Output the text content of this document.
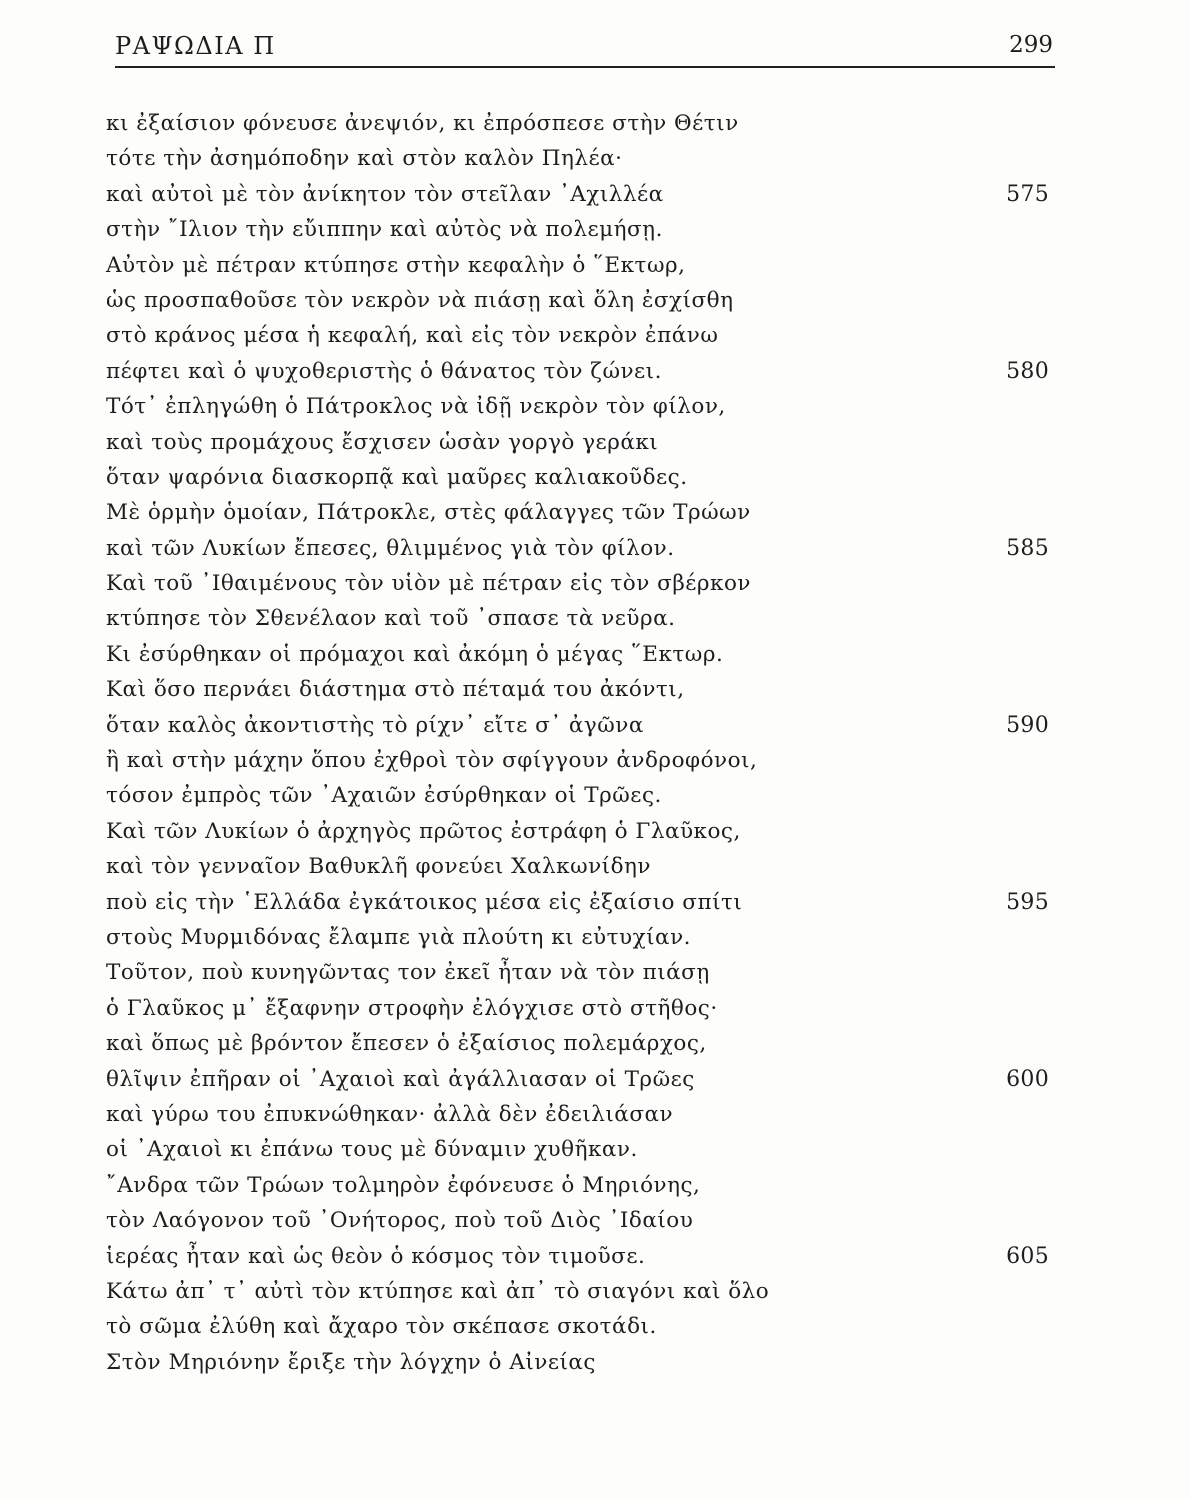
ΡΑΨΩΔΙΑ Π	299
κι ἐξαίσιον φόνευσε ἀνεψιόν, κι ἐπρόσπεσε στὴν Θέτιν
τότε τὴν ἀσημόποδην καὶ στὸν καλὸν Πηλέα·
καὶ αὐτοὶ μὲ τὸν ἀνίκητον τὸν στεῖλαν ᾿Αχιλλέα	575
στὴν ῎Ιλιον τὴν εὔιππην καὶ αὐτὸς νὰ πολεμήσῃ.
Αὐτὸν μὲ πέτραν κτύπησε στὴν κεφαλὴν ὁ ῞Εκτωρ,
ὡς προσπαθοῦσε τὸν νεκρὸν νὰ πιάσῃ καὶ ὅλη ἐσχίσθη
στὸ κράνος μέσα ἡ κεφαλή, καὶ εἰς τὸν νεκρὸν ἐπάνω
πέφτει καὶ ὁ ψυχοθεριστὴς ὁ θάνατος τὸν ζώνει.	580
Τότ᾿ ἐπληγώθη ὁ Πάτροκλος νὰ ἰδῇ νεκρὸν τὸν φίλον,
καὶ τοὺς προμάχους ἔσχισεν ὡσὰν γοργὸ γεράκι
ὅταν ψαρόνια διασκορπᾷ καὶ μαῦρες καλιακοῦδες.
Μὲ ὁρμὴν ὁμοίαν, Πάτροκλε, στὲς φάλαγγες τῶν Τρώων
καὶ τῶν Λυκίων ἔπεσες, θλιμμένος γιὰ τὸν φίλον.	585
Καὶ τοῦ ᾿Ιθαιμένους τὸν υἱὸν μὲ πέτραν εἰς τὸν σβέρκον
κτύπησε τὸν Σθενέλαον καὶ τοῦ ᾿σπασε τὰ νεῦρα.
Κι ἐσύρθηκαν οἱ πρόμαχοι καὶ ἀκόμη ὁ μέγας ῞Εκτωρ.
Καὶ ὅσο περνάει διάστημα στὸ πέταμά του ἀκόντι,
ὅταν καλὸς ἀκοντιστὴς τὸ ρίχν᾿ εἴτε σ᾿ ἀγῶνα	590
ἢ καὶ στὴν μάχην ὅπου ἐχθροὶ τὸν σφίγγουν ἀνδροφόνοι,
τόσον ἐμπρὸς τῶν ᾿Αχαιῶν ἐσύρθηκαν οἱ Τρῶες.
Καὶ τῶν Λυκίων ὁ ἀρχηγὸς πρῶτος ἐστράφη ὁ Γλαῦκος,
καὶ τὸν γενναῖον Βαθυκλῆ φονεύει Χαλκωνίδην
ποὺ εἰς τὴν ῾Ελλάδα ἐγκάτοικος μέσα εἰς ἐξαίσιο σπίτι	595
στοὺς Μυρμιδόνας ἔλαμπε γιὰ πλούτη κι εὐτυχίαν.
Τοῦτον, ποὺ κυνηγῶντας τον ἐκεῖ ἦταν νὰ τὸν πιάσῃ
ὁ Γλαῦκος μ᾿ ἔξαφνην στροφὴν ἐλόγχισε στὸ στῆθος·
καὶ ὅπως μὲ βρόντον ἔπεσεν ὁ ἐξαίσιος πολεμάρχος,
θλῖψιν ἐπῆραν οἱ ᾿Αχαιοὶ καὶ ἀγάλλιασαν οἱ Τρῶες	600
καὶ γύρω του ἐπυκνώθηκαν· ἀλλὰ δὲν ἐδειλιάσαν
οἱ ᾿Αχαιοὶ κι ἐπάνω τους μὲ δύναμιν χυθῆκαν.
῎Ανδρα τῶν Τρώων τολμηρὸν ἐφόνευσε ὁ Μηριόνης,
τὸν Λαόγονον τοῦ ᾿Ονήτορος, ποὺ τοῦ Διὸς ᾿Ιδαίου
ἱερέας ἦταν καὶ ὡς θεὸν ὁ κόσμος τὸν τιμοῦσε.	605
Κάτω ἀπ᾿ τ᾿ αὐτὶ τὸν κτύπησε καὶ ἀπ᾿ τὸ σιαγόνι καὶ ὅλο
τὸ σῶμα ἐλύθη καὶ ἄχαρο τὸν σκέπασε σκοτάδι.
Στὸν Μηριόνην ἔριξε τὴν λόγχην ὁ Αἰνείας
